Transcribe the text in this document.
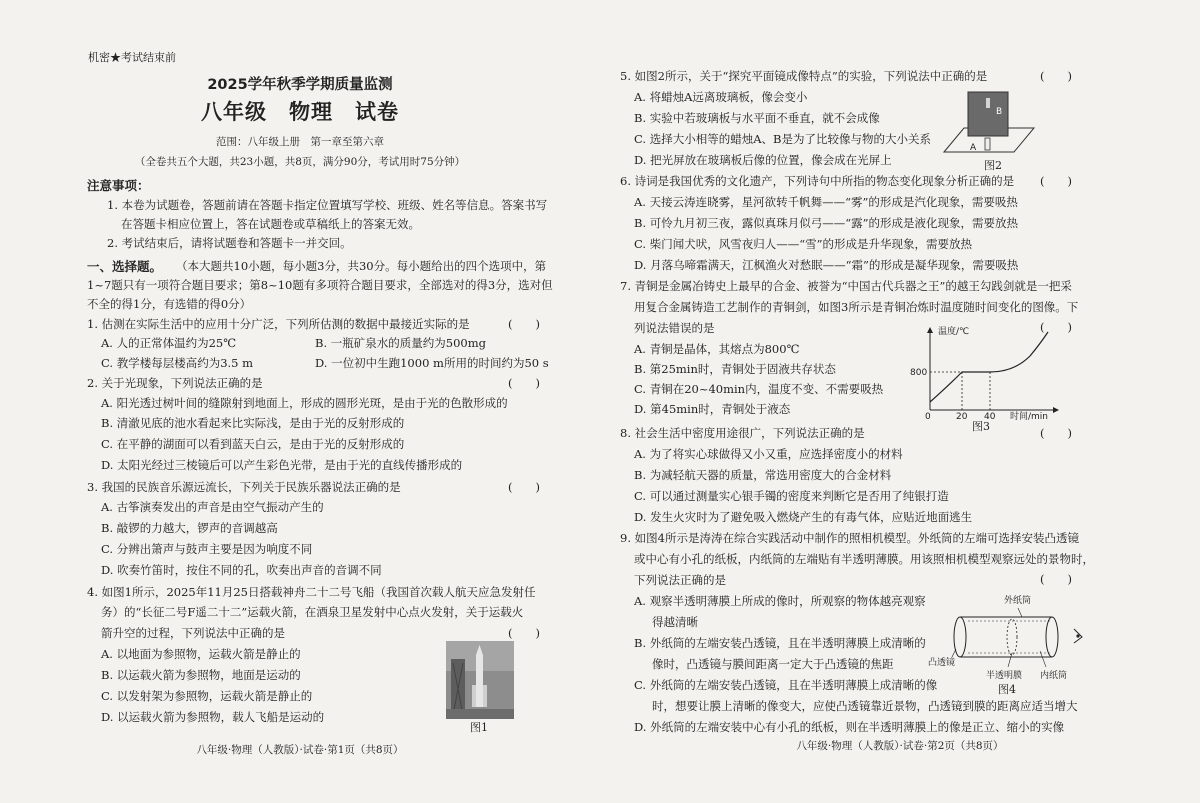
机密★考试结束前
2025学年秋季学期质量监测
八年级　物理　试卷
范围：八年级上册　第一章至第六章
（全卷共五个大题，共23小题，共8页，满分90分，考试用时75分钟）
注意事项：
1. 本卷为试题卷，答题前请在答题卡指定位置填写学校、班级、姓名等信息。答案书写
在答题卡相应位置上，答在试题卷或草稿纸上的答案无效。
2. 考试结束后，请将试题卷和答题卡一并交回。
一、选择题。 （本大题共10小题，每小题3分，共30分。每小题给出的四个选项中，第
1~7题只有一项符合题目要求；第8~10题有多项符合题目要求，全部选对的得3分，选对但
不全的得1分，有选错的得0分）
1. 估测在实际生活中的应用十分广泛，下列所估测的数据中最接近实际的是	(　　)
A. 人的正常体温约为25℃	B. 一瓶矿泉水的质量约为500mg
C. 教学楼每层楼高约为3.5 m	D. 一位初中生跑1000 m所用的时间约为50 s
2. 关于光现象，下列说法正确的是	(　　)
A. 阳光透过树叶间的缝隙射到地面上，形成的圆形光斑，是由于光的色散形成的
B. 清澈见底的池水看起来比实际浅，是由于光的反射形成的
C. 在平静的湖面可以看到蓝天白云，是由于光的反射形成的
D. 太阳光经过三棱镜后可以产生彩色光带，是由于光的直线传播形成的
3. 我国的民族音乐源远流长，下列关于民族乐器说法正确的是	(　　)
A. 古筝演奏发出的声音是由空气振动产生的
B. 敲锣的力越大，锣声的音调越高
C. 分辨出箫声与鼓声主要是因为响度不同
D. 吹奏竹笛时，按住不同的孔，吹奏出声音的音调不同
4. 如图1所示，2025年11月25日搭载神舟二十二号飞船（我国首次载人航天应急发射任
务）的“长征二号F遥二十二”运载火箭，在酒泉卫星发射中心点火发射，关于运载火
箭升空的过程，下列说法中正确的是	(　　)
A. 以地面为参照物，运载火箭是静止的
B. 以运载火箭为参照物，地面是运动的
C. 以发射架为参照物，运载火箭是静止的
D. 以运载火箭为参照物，载人飞船是运动的
图1
八年级·物理（人教版）·试卷·第1页（共8页）
5. 如图2所示，关于“探究平面镜成像特点”的实验，下列说法中正确的是	(　　)
A. 将蜡烛A远离玻璃板，像会变小
B. 实验中若玻璃板与水平面不垂直，就不会成像
C. 选择大小相等的蜡烛A、B是为了比较像与物的大小关系
D. 把光屏放在玻璃板后像的位置，像会成在光屏上
B
A
图2
6. 诗词是我国优秀的文化遗产，下列诗句中所指的物态变化现象分析正确的是 (　　)
A. 天接云涛连晓雾，星河欲转千帆舞——“雾”的形成是汽化现象，需要吸热
B. 可怜九月初三夜，露似真珠月似弓——“露”的形成是液化现象，需要放热
C. 柴门闻犬吠，风雪夜归人——“雪”的形成是升华现象，需要放热
D. 月落乌啼霜满天，江枫渔火对愁眠——“霜”的形成是凝华现象，需要吸热
7. 青铜是金属冶铸史上最早的合金、被誉为“中国古代兵器之王”的越王勾践剑就是一把采
用复合金属铸造工艺制作的青铜剑，如图3所示是青铜冶炼时温度随时间变化的图像。下
列说法错误的是	(　　)
A. 青铜是晶体，其熔点为800℃
B. 第25min时，青铜处于固液共存状态
C. 青铜在20~40min内，温度不变、不需要吸热
D. 第45min时，青铜处于液态
温度/℃
800
0	20 40 时间/min
图3
8. 社会生活中密度用途很广，下列说法正确的是	(　　)
A. 为了将实心球做得又小又重，应选择密度小的材料
B. 为减轻航天器的质量，常选用密度大的合金材料
C. 可以通过测量实心银手镯的密度来判断它是否用了纯银打造
D. 发生火灾时为了避免吸入燃烧产生的有毒气体，应贴近地面逃生
9. 如图4所示是涛涛在综合实践活动中制作的照相机模型。外纸筒的左端可选择安装凸透镜
或中心有小孔的纸板，内纸筒的左端贴有半透明薄膜。用该照相机模型观察远处的景物时，
下列说法正确的是	(　　)
A. 观察半透明薄膜上所成的像时，所观察的物体越亮观察
得越清晰
B. 外纸筒的左端安装凸透镜，且在半透明薄膜上成清晰的
像时，凸透镜与膜间距离一定大于凸透镜的焦距
C. 外纸筒的左端安装凸透镜，且在半透明薄膜上成清晰的像
时，想要让膜上清晰的像变大，应使凸透镜靠近景物，凸透镜到膜的距离应适当增大
D. 外纸筒的左端安装中心有小孔的纸板，则在半透明薄膜上的像是正立、缩小的实像
外纸筒
凸透镜
半透明膜 内纸筒
图4
八年级·物理（人教版）·试卷·第2页（共8页）
